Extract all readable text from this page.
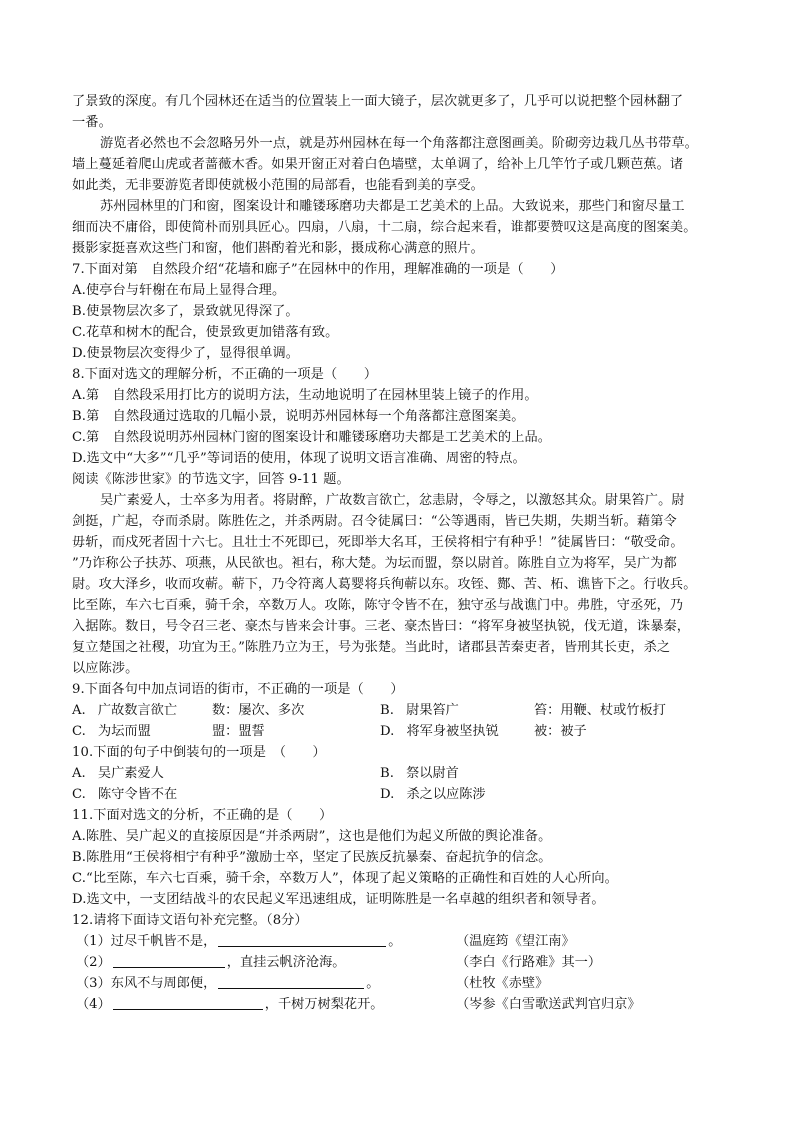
了景致的深度。有几个园林还在适当的位置装上一面大镜子，层次就更多了，几乎可以说把整个园林翻了
一番。
游览者必然也不会忽略另外一点，就是苏州园林在每一个角落都注意图画美。阶砌旁边栽几丛书带草。
墙上蔓延着爬山虎或者蔷薇木香。如果开窗正对着白色墙壁，太单调了，给补上几竿竹子或几颗芭蕉。诸
如此类，无非要游览者即使就极小范围的局部看，也能看到美的享受。
苏州园林里的门和窗，图案设计和雕镂琢磨功夫都是工艺美术的上品。大致说来，那些门和窗尽量工
细而决不庸俗，即使简朴而别具匠心。四扇，八扇，十二扇，综合起来看，谁都要赞叹这是高度的图案美。
摄影家挺喜欢这些门和窗，他们斟酌着光和影，摄成称心满意的照片。
7.下面对第　自然段介绍“花墙和廊子”在园林中的作用，理解准确的一项是（　　）
A.使亭台与轩榭在布局上显得合理。
B.使景物层次多了，景致就见得深了。
C.花草和树木的配合，使景致更加错落有致。
D.使景物层次变得少了，显得很单调。
8.下面对选文的理解分析，不正确的一项是（　　）
A.第　自然段采用打比方的说明方法，生动地说明了在园林里装上镜子的作用。
B.第　自然段通过选取的几幅小景，说明苏州园林每一个角落都注意图案美。
C.第　自然段说明苏州园林门窗的图案设计和雕镂琢磨功夫都是工艺美术的上品。
D.选文中“大多”“几乎”等词语的使用，体现了说明文语言准确、周密的特点。
阅读《陈涉世家》的节选文字，回答 9-11 题。
吴广素爱人，士卒多为用者。将尉醉，广故数言欲亡，忿恚尉，令辱之，以激怒其众。尉果笞广。尉
剑挺，广起，夺而杀尉。陈胜佐之，并杀两尉。召令徒属曰：“公等遇雨，皆已失期，失期当斩。藉第令
毋斩，而戍死者固十六七。且壮士不死即已，死即举大名耳，王侯将相宁有种乎！”徒属皆曰：“敬受命。
”乃诈称公子扶苏、项燕，从民欲也。袒右，称大楚。为坛而盟，祭以尉首。陈胜自立为将军，吴广为都
尉。攻大泽乡，收而攻蕲。蕲下，乃令符离人葛婴将兵徇蕲以东。攻铚、酂、苦、柘、谯皆下之。行收兵。
比至陈，车六七百乘，骑千余，卒数万人。攻陈，陈守令皆不在，独守丞与战谯门中。弗胜，守丞死，乃
入据陈。数日，号令召三老、豪杰与皆来会计事。三老、豪杰皆曰：“将军身被坚执锐，伐无道，诛暴秦，
复立楚国之社稷，功宜为王。”陈胜乃立为王，号为张楚。当此时，诸郡县苦秦吏者，皆刑其长吏，杀之
以应陈涉。
9.下面各句中加点词语的街市，不正确的一项是（　　）
A. 广故数言欲亡	数：屡次、多次	B. 尉果笞广	笞：用鞭、杖或竹板打
C. 为坛而盟	盟：盟誓	D. 将军身被坚执锐	被：被子
10.下面的句子中倒装句的一项是　（　　）
A. 吴广素爱人	B. 祭以尉首
C. 陈守令皆不在	D. 杀之以应陈涉
11.下面对选文的分析，不正确的是（　　）
A.陈胜、吴广起义的直接原因是“并杀两尉”，这也是他们为起义所做的舆论准备。
B.陈胜用“王侯将相宁有种乎”激励士卒，坚定了民族反抗暴秦、奋起抗争的信念。
C.“比至陈，车六七百乘，骑千余，卒数万人”，体现了起义策略的正确性和百姓的人心所向。
D.选文中，一支团结战斗的农民起义军迅速组成，证明陈胜是一名卓越的组织者和领导者。
12.请将下面诗文语句补充完整。（8分）
（1）过尽千帆皆不是，	。	（温庭筠《望江南》
（2）	，直挂云帆济沧海。	（李白《行路难》其一）
（3）东风不与周郎便，	。	（杜牧《赤壁》
（4）	，千树万树梨花开。	（岑参《白雪歌送武判官归京》
